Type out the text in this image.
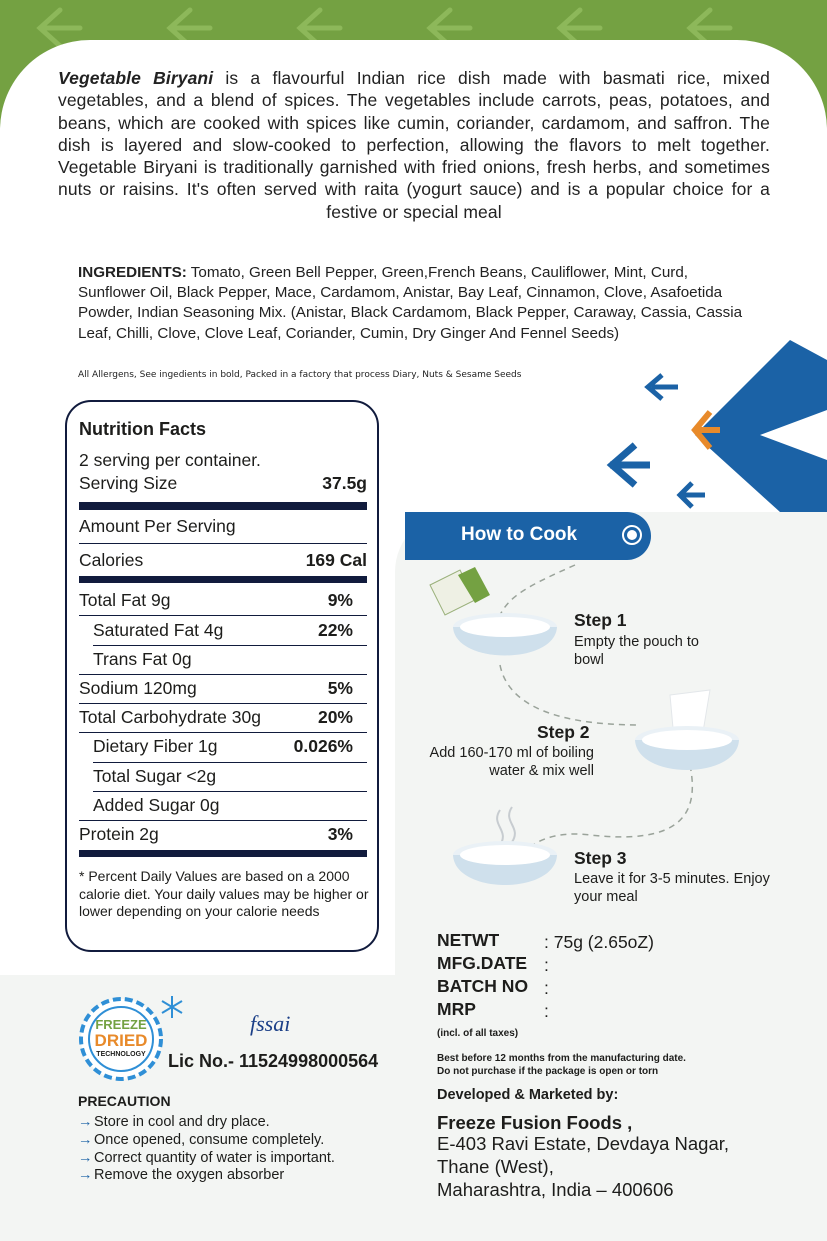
Vegetable Biryani is a flavourful Indian rice dish made with basmati rice, mixed vegetables, and a blend of spices. The vegetables include carrots, peas, potatoes, and beans, which are cooked with spices like cumin, coriander, cardamom, and saffron. The dish is layered and slow-cooked to perfection, allowing the flavors to melt together. Vegetable Biryani is traditionally garnished with fried onions, fresh herbs, and sometimes nuts or raisins. It's often served with raita (yogurt sauce) and is a popular choice for a festive or special meal

INGREDIENTS: Tomato, Green Bell Pepper, Green,French Beans, Cauliflower, Mint, Curd, Sunflower Oil, Black Pepper, Mace, Cardamom, Anistar, Bay Leaf, Cinnamon, Clove, Asafoetida Powder, Indian Seasoning Mix. (Anistar, Black Cardamom, Black Pepper, Caraway, Cassia, Cassia Leaf, Chilli, Clove, Clove Leaf, Coriander, Cumin, Dry Ginger And Fennel Seeds)

All Allergens, See ingedients in bold, Packed in a factory that process Diary, Nuts & Sesame Seeds

Nutrition Facts
2 serving per container.
Serving Size	37.5g
Amount Per Serving
Calories	169 Cal
Total Fat 9g	9%
Saturated Fat 4g	22%
Trans Fat 0g
Sodium 120mg	5%
Total Carbohydrate 30g	20%
Dietary Fiber 1g	0.026%
Total Sugar <2g
Added Sugar 0g
Protein 2g	3%
* Percent Daily Values are based on a 2000 calorie diet. Your daily values may be higher or lower depending on your calorie needs
How to Cook
Step 1
Empty the pouch to bowl
Step 2
Add 160-170 ml of boiling water & mix well
Step 3
Leave it for 3-5 minutes. Enjoy your meal
NETWT	: 75g (2.65oZ)
MFG.DATE :
BATCH NO :
MRP	:
(incl. of all taxes)
Best before 12 months from the manufacturing date.
Do not purchase if the package is open or torn
Developed & Marketed by:
Freeze Fusion Foods ,
E-403 Ravi Estate, Devdaya Nagar,
Thane (West),
Maharashtra, India – 400606
FREEZE
DRIED
TECHNOLOGY
fssai
Lic No.- 11524998000564
PRECAUTION
→ Store in cool and dry place.
→ Once opened, consume completely.
→ Correct quantity of water is important.
→ Remove the oxygen absorber
